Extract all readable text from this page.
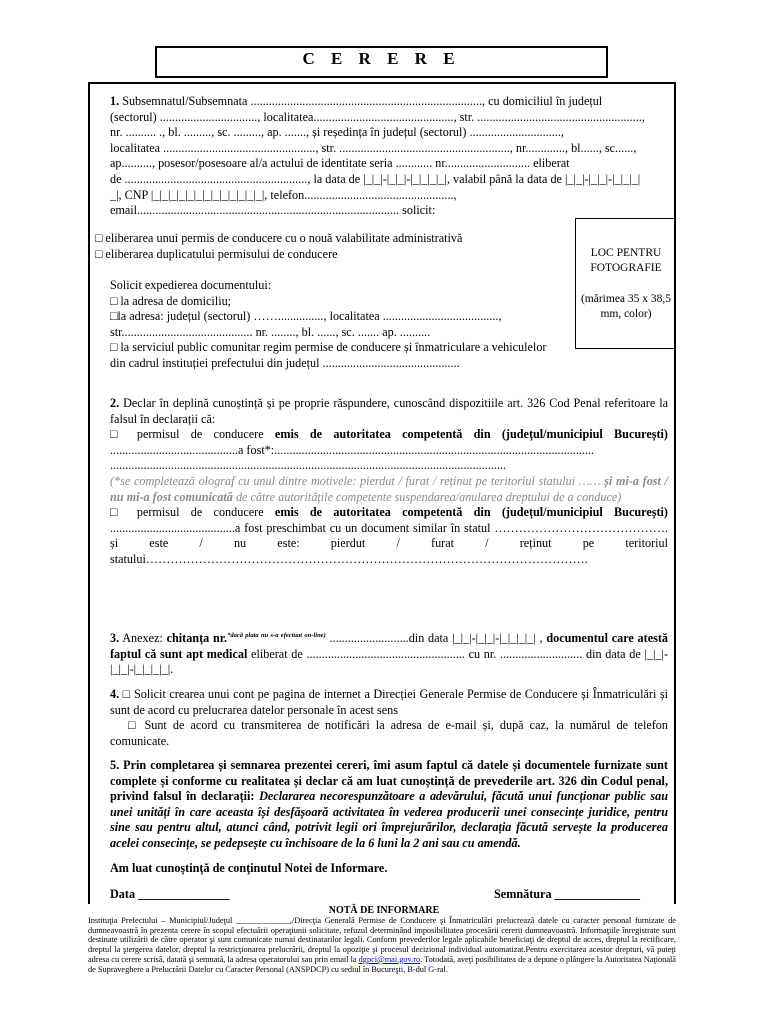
C E R E R E
LOC PENTRU
FOTOGRAFIE
(mărimea 35 x 38,5 mm, color)
1. Subsemnatul/Subsemnata ............................................................................, cu domiciliul în județul
(sectorul) ................................, localitatea.............................................., str. ......................................................,
nr. .......... ., bl. ........., sc. ........., ap. ......., și reședința în județul (sectorul) ..............................,
localitatea .................................................., str. ........................................................, nr............., bl......, sc......,
ap.........., posesor/posesoare al/a actului de identitate seria ............ nr............................ eliberat
de ............................................................, la data de |_|_|-|_|_|-|_|_|_|_|, valabil până la data de |_|_|-|_|_|-|_|_|_|
_|, CNP |_|_|_|_|_|_|_|_|_|_|_|_|_|, telefon.................................................,
email...................................................................................... solicit:
□ eliberarea unui permis de conducere cu o nouă valabilitate administrativă
□ eliberarea duplicatului permisului de conducere
Solicit expedierea documentului:
□ la adresa de domiciliu;
□la adresa: județul (sectorul) ……..............., localitatea ......................................,
str........................................... nr. ........, bl. ......, sc. ....... ap. ..........
□ la serviciul public comunitar regim permise de conducere și înmatriculare a vehiculelor
din cadrul instituției prefectului din județul .............................................
2. Declar în deplină cunoștință și pe proprie răspundere, cunoscând dispozitiile art. 326 Cod Penal referitoare la falsul în declarații că:
□ permisul de conducere emis de autoritatea competentă din (județul/municipiul București) ..........................................a fost*:.........................................................................................................
..................................................................................................................................
(*se completează olograf cu unul dintre motivele: pierdut / furat / reținut pe teritoriul statului …… și mi-a fost / nu mi-a fost comunicată de către autoritățile competente suspendarea/anularea dreptului de a conduce)
□ permisul de conducere emis de autoritatea competentă din (județul/municipiul București) .........................................a fost preschimbat cu un document similar în statul ……………………………………. și este / nu este: pierdut / furat / reținut pe teritoriul statului……………………………………………………………………………………………….
3. Anexez: chitanța nr.$^{*dacă plata nu s-a efectuat on-line)}$ ..........................din data |_|_|-|_|_|-|_|_|_|_| , documentul care atestă faptul că sunt apt medical eliberat de .................................................... cu nr. ........................... din data de |_|_|-|_|_|-|_|_|_|_|.
4. □ Solicit crearea unui cont pe pagina de internet a Direcției Generale Permise de Conducere și Înmatriculări și sunt de acord cu prelucrarea datelor personale în acest sens
□ Sunt de acord cu transmiterea de notificări la adresa de e-mail și, după caz, la numărul de telefon comunicate.
5. Prin completarea și semnarea prezentei cereri, îmi asum faptul că datele și documentele furnizate sunt complete și conforme cu realitatea și declar că am luat cunoștință de prevederile art. 326 din Codul penal, privind falsul în declarații: Declararea necorespunzătoare a adevărului, făcută unui funcționar public sau unei unități în care aceasta își desfășoară activitatea în vederea producerii unei consecințe juridice, pentru sine sau pentru altul, atunci când, potrivit legii ori împrejurărilor, declarația făcută servește la producerea acelei consecințe, se pedepsește cu închisoare de la 6 luni la 2 ani sau cu amendă.
Am luat cunoştinţă de conţinutul Notei de Informare.
Data _______________	Semnătura ______________
NOTĂ DE INFORMARE
Instituţia Prefectului – Municipiul/Judeţul _____________,/Direcţia Generală Permise de Conducere şi Înmatriculări prelucrează datele cu caracter personal furnizate de dumneavoastră în prezenta cerere în scopul efectuării operaţiunii solicitate, refuzul determinând imposibilitatea procesării cererii dumneavoastră. Informaţiile înregistrate sunt destinate utilizării de către operator şi sunt comunicate numai destinatarilor legali. Conform prevederilor legale aplicabile beneficiaţi de dreptul de acces, dreptul la rectificare, dreptul la ştergerea datelor, dreptul la restricţionarea prelucrării, dreptul la opoziţie şi procesul decizional individual automatizat.Pentru exercitarea acestor drepturi, vă puteţi adresa cu cerere scrisă, datată şi semnată, la adresa operatorului sau prin email la dgpci@mai.gov.ro. Totodată, aveţi posibilitatea de a depune o plângere la Autoritatea Naţională de Supraveghere a Prelucrării Datelor cu Caracter Personal (ANSPDCP) cu sediul în Bucureşti, B-dul G-ral.
